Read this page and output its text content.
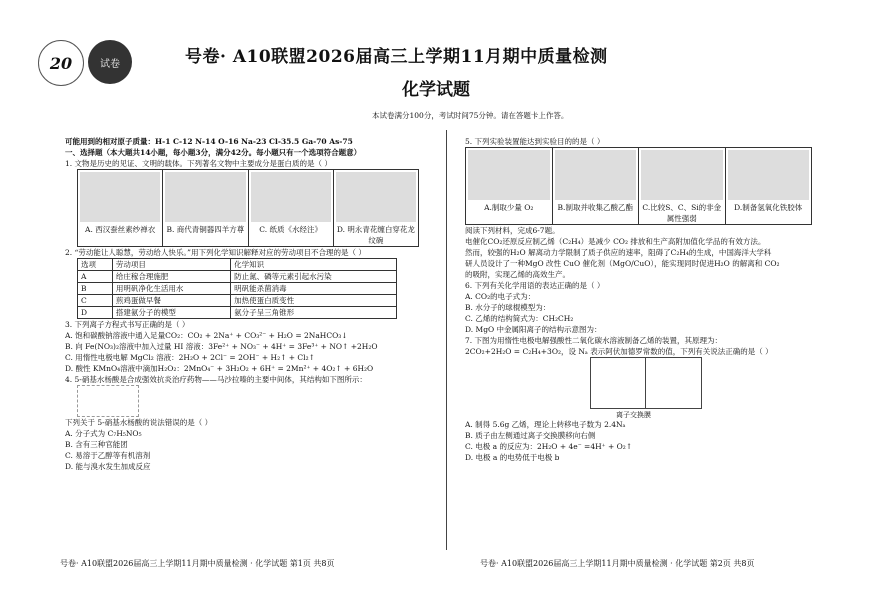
20	试卷	号卷· A10联盟2026届高三上学期11月期中质量检测
化学试题
本试卷满分100分，考试时间75分钟。请在答题卡上作答。
可能用到的相对原子质量：H-1 C-12 N-14 O-16 Na-23 Cl-35.5 Ga-70 As-75
一、选择题（本大题共14小题，每小题3分，满分42分。每小题只有一个选项符合题意）
1. 文物是历史的见证、文明的载体。下列著名文物中主要成分是蛋白质的是（ ）
A. 西汉蚕丝素纱禅衣	B. 商代青铜器四羊方尊	C. 纸质《水经注》	D. 明永青花缠白穿花龙纹碗
2. “劳动能让人聪慧，劳动给人快乐。”用下列化学知识解释对应的劳动项目不合理的是（ ）
选项	劳动项目	化学知识
A	给庄稼合理施肥	防止氮、磷等元素引起水污染
B	用明矾净化生活用水	明矾能杀菌消毒
C	煎鸡蛋做早餐	加热使蛋白质变性
D	搭建氨分子的模型	氨分子呈三角锥形
3. 下列离子方程式书写正确的是（ ）
A. 饱和碳酸钠溶液中通入足量CO₂：CO₂ + 2Na⁺ + CO₃²⁻ + H₂O = 2NaHCO₃↓
B. 向 Fe(NO₃)₂溶液中加入过量 HI 溶液：3Fe²⁺ + NO₃⁻ + 4H⁺ = 3Fe³⁺ + NO↑ +2H₂O
C. 用惰性电极电解 MgCl₂ 溶液：2H₂O + 2Cl⁻ = 2OH⁻ + H₂↑ + Cl₂↑
D. 酸性 KMnO₄溶液中滴加H₂O₂：2MnO₄⁻ + 3H₂O₂ + 6H⁺ = 2Mn²⁺ + 4O₂↑ + 6H₂O
4. 5-硝基水杨酸是合成强效抗炎治疗药物——马沙拉嗪的主要中间体，其结构如下图所示：
下列关于 5-硝基水杨酸的说法错误的是（ ）
A. 分子式为 C₇H₅NO₅
B. 含有三种官能团
C. 易溶于乙醇等有机溶剂
D. 能与溴水发生加成反应
5. 下列实验装置能达到实验目的的是（ ）
A.制取少量 O₂	B.制取并收集乙酸乙酯	C.比较S、C、Si的非金属性强弱
D.制备氢氧化铁胶体
阅读下列材料，完成6-7题。
电催化CO₂还原反应制乙烯（C₂H₄）是减少 CO₂ 排放和生产高附加值化学品的有效方法。
然而，较强的H₂O 解离动力学限制了质子供应的速率，阻碍了C₂H₄的生成，中国海洋大学科
研人员设计了一种MgO 改性 CuO 催化剂（MgO/CuO），能实现同时促进H₂O 的解离和 CO₂
的吸附，实现乙烯的高效生产。
6. 下列有关化学用语的表达正确的是（ ）
A. CO₂的电子式为：
B. 水分子的球棍模型为：
C. 乙烯的结构简式为：CH₂CH₂
D. MgO 中金属阳离子的结构示意图为：
7. 下图为用惰性电极电解强酸性二氧化碳水溶液制备乙烯的装置，其原理为：
2CO₂+2H₂O = C₂H₄+3O₂，设 Nₐ 表示阿伏加德罗常数的值，下列有关说法正确的是（ ）
离子交换膜
A. 制得 5.6g 乙烯，理论上转移电子数为 2.4Nₐ
B. 质子由左侧通过离子交换膜移向右侧
C. 电极 a 的反应为：2H₂O + 4e⁻ =4H⁺ + O₂↑
D. 电极 a 的电势低于电极 b
号卷· A10联盟2026届高三上学期11月期中质量检测 · 化学试题 第1页 共8页	号卷· A10联盟2026届高三上学期11月期中质量检测 · 化学试题 第2页 共8页
